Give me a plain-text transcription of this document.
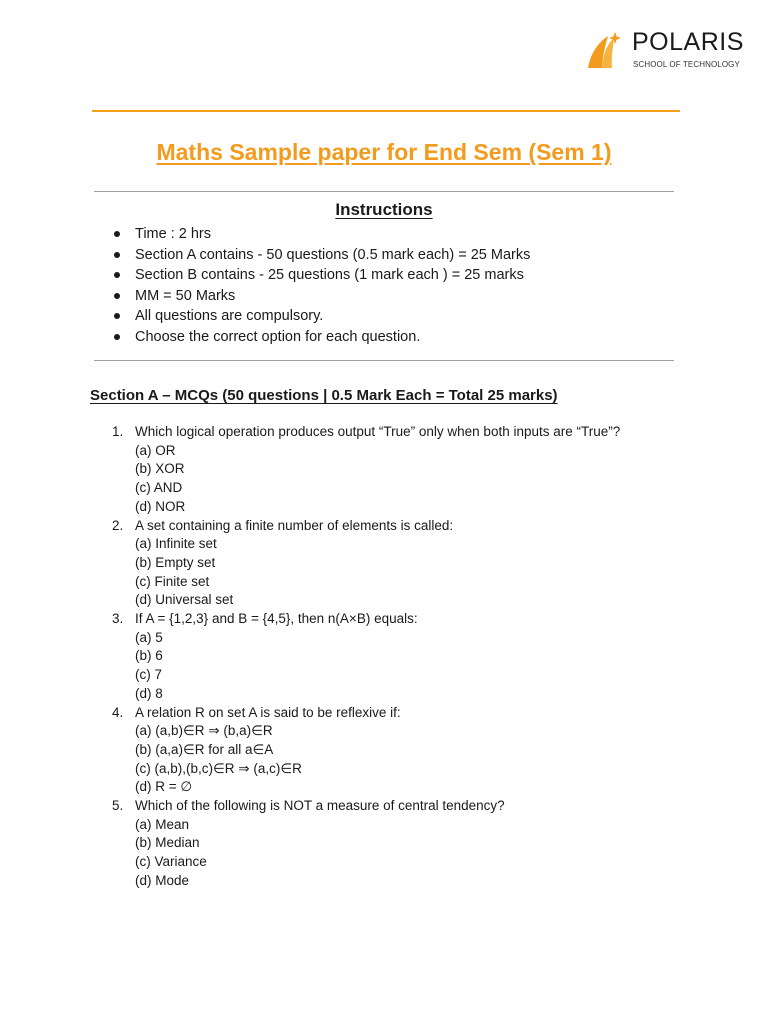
POLARIS
SCHOOL OF TECHNOLOGY
Maths Sample paper for End Sem (Sem 1)
Instructions
Time : 2 hrs
Section A contains - 50 questions (0.5 mark each) = 25 Marks
Section B contains - 25 questions (1 mark each ) = 25 marks
MM = 50 Marks
All questions are compulsory.
Choose the correct option for each question.
Section A – MCQs (50 questions | 0.5 Mark Each = Total 25 marks)
1. Which logical operation produces output “True” only when both inputs are “True”?
(a) OR
(b) XOR
(c) AND
(d) NOR
2. A set containing a finite number of elements is called:
(a) Infinite set
(b) Empty set
(c) Finite set
(d) Universal set
3. If A = {1,2,3} and B = {4,5}, then n(A×B) equals:
(a) 5
(b) 6
(c) 7
(d) 8
4. A relation R on set A is said to be reflexive if:
(a) (a,b)∈R ⇒ (b,a)∈R
(b) (a,a)∈R for all a∈A
(c) (a,b),(b,c)∈R ⇒ (a,c)∈R
(d) R = ∅
5. Which of the following is NOT a measure of central tendency?
(a) Mean
(b) Median
(c) Variance
(d) Mode
